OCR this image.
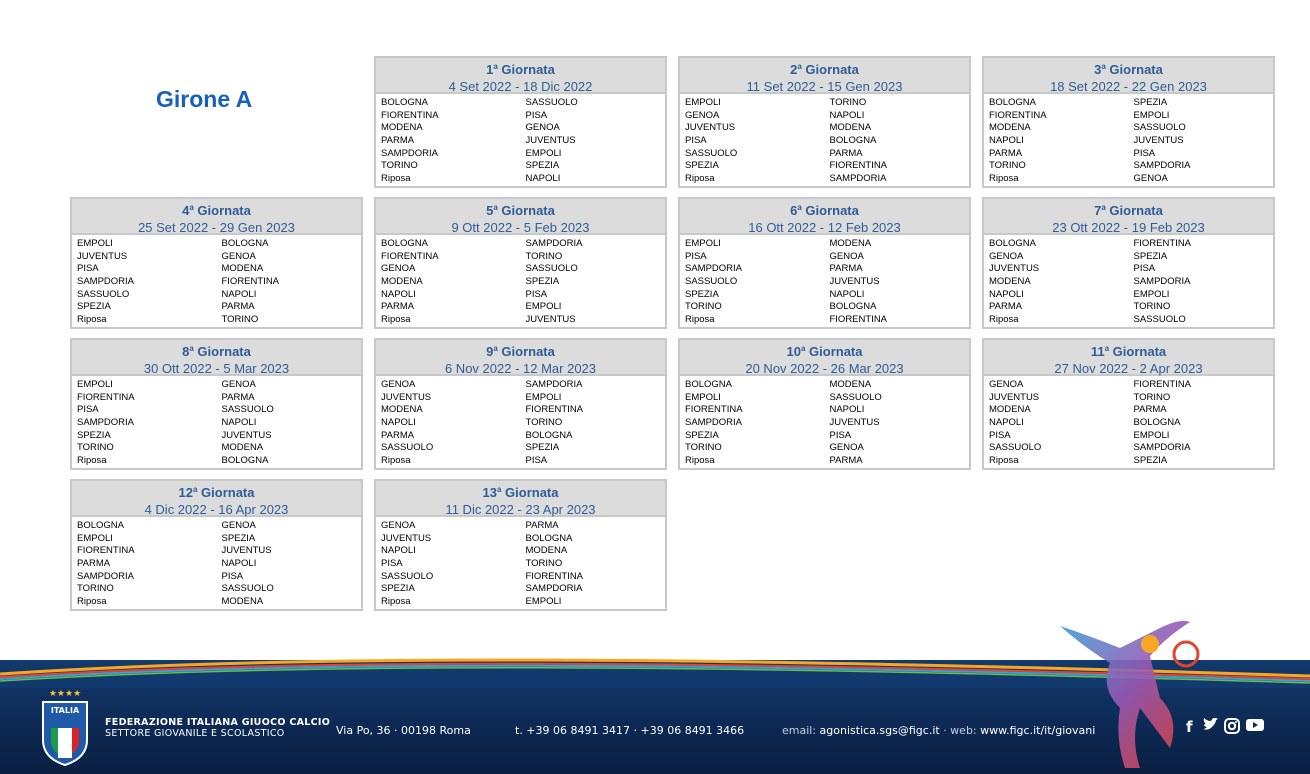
Girone A
1$^a$ Giornata
4 Set 2022 - 18 Dic 2022
BOLOGNA	SASSUOLO
FIORENTINA	PISA
MODENA	GENOA
PARMA	JUVENTUS
SAMPDORIA	EMPOLI
TORINO	SPEZIA
Riposa	NAPOLI
2$^a$ Giornata
11 Set 2022 - 15 Gen 2023
EMPOLI	TORINO
GENOA	NAPOLI
JUVENTUS	MODENA
PISA	BOLOGNA
SASSUOLO	PARMA
SPEZIA	FIORENTINA
Riposa	SAMPDORIA
3$^a$ Giornata
18 Set 2022 - 22 Gen 2023
BOLOGNA	SPEZIA
FIORENTINA	EMPOLI
MODENA	SASSUOLO
NAPOLI	JUVENTUS
PARMA	PISA
TORINO	SAMPDORIA
Riposa	GENOA
4$^a$ Giornata
25 Set 2022 - 29 Gen 2023
EMPOLI	BOLOGNA
JUVENTUS	GENOA
PISA	MODENA
SAMPDORIA	FIORENTINA
SASSUOLO	NAPOLI
SPEZIA	PARMA
Riposa	TORINO
5$^a$ Giornata
9 Ott 2022 - 5 Feb 2023
BOLOGNA	SAMPDORIA
FIORENTINA	TORINO
GENOA	SASSUOLO
MODENA	SPEZIA
NAPOLI	PISA
PARMA	EMPOLI
Riposa	JUVENTUS
6$^a$ Giornata
16 Ott 2022 - 12 Feb 2023
EMPOLI	MODENA
PISA	GENOA
SAMPDORIA	PARMA
SASSUOLO	JUVENTUS
SPEZIA	NAPOLI
TORINO	BOLOGNA
Riposa	FIORENTINA
7$^a$ Giornata
23 Ott 2022 - 19 Feb 2023
BOLOGNA	FIORENTINA
GENOA	SPEZIA
JUVENTUS	PISA
MODENA	SAMPDORIA
NAPOLI	EMPOLI
PARMA	TORINO
Riposa	SASSUOLO
8$^a$ Giornata
30 Ott 2022 - 5 Mar 2023
EMPOLI	GENOA
FIORENTINA	PARMA
PISA	SASSUOLO
SAMPDORIA	NAPOLI
SPEZIA	JUVENTUS
TORINO	MODENA
Riposa	BOLOGNA
9$^a$ Giornata
6 Nov 2022 - 12 Mar 2023
GENOA	SAMPDORIA
JUVENTUS	EMPOLI
MODENA	FIORENTINA
NAPOLI	TORINO
PARMA	BOLOGNA
SASSUOLO	SPEZIA
Riposa	PISA
10$^a$ Giornata
20 Nov 2022 - 26 Mar 2023
BOLOGNA	MODENA
EMPOLI	SASSUOLO
FIORENTINA	NAPOLI
SAMPDORIA	JUVENTUS
SPEZIA	PISA
TORINO	GENOA
Riposa	PARMA
11$^a$ Giornata
27 Nov 2022 - 2 Apr 2023
GENOA	FIORENTINA
JUVENTUS	TORINO
MODENA	PARMA
NAPOLI	BOLOGNA
PISA	EMPOLI
SASSUOLO	SAMPDORIA
Riposa	SPEZIA
12$^a$ Giornata
4 Dic 2022 - 16 Apr 2023
BOLOGNA	GENOA
EMPOLI	SPEZIA
FIORENTINA	JUVENTUS
PARMA	NAPOLI
SAMPDORIA	PISA
TORINO	SASSUOLO
Riposa	MODENA
13$^a$ Giornata
11 Dic 2022 - 23 Apr 2023
GENOA	PARMA
JUVENTUS	BOLOGNA
NAPOLI	MODENA
PISA	TORINO
SASSUOLO	FIORENTINA
SPEZIA	SAMPDORIA
Riposa	EMPOLI
★★★★
ITALIA
FEDERAZIONE ITALIANA GIUOCO CALCIO
SETTORE GIOVANILE E SCOLASTICO	Via Po, 36 · 00198 Roma	t. +39 06 8491 3417 · +39 06 8491 3466	email: agonistica.sgs@figc.it · web: www.figc.it/it/giovani	f
